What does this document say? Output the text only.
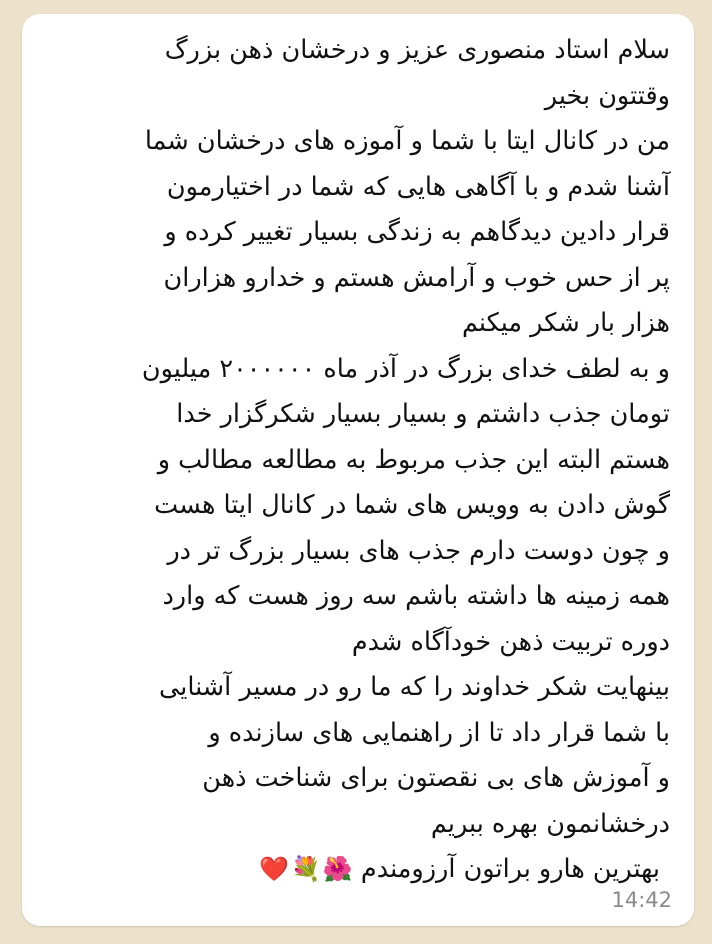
سلام استاد منصوری عزیز و درخشان ذهن بزرگ
وقتتون بخیر
من در کانال ایتا با شما و آموزه های درخشان شما
آشنا شدم و با آگاهی هایی که شما در اختیارمون
قرار دادین دیدگاهم به زندگی بسیار تغییر کرده و
پر از حس خوب و آرامش هستم و خدارو هزاران
هزار بار شکر میکنم
و به لطف خدای بزرگ در آذر ماه ۲۰۰۰۰۰۰ میلیون
تومان جذب داشتم و بسیار بسیار شکرگزار خدا
هستم البته این جذب مربوط به مطالعه مطالب و
گوش دادن به وویس های شما در کانال ایتا هست
و چون دوست دارم جذب های بسیار بزرگ تر در
همه زمینه ها داشته باشم سه روز هست که وارد
دوره تربیت ذهن خودآگاه شدم
بینهایت شکر خداوند را که ما رو در مسیر آشنایی
با شما قرار داد تا از راهنمایی های سازنده و
و آموزش های بی نقصتون برای شناخت ذهن
درخشانمون بهره ببریم
بهترین هارو براتون آرزومندم 🌺💐❤️
14:42
